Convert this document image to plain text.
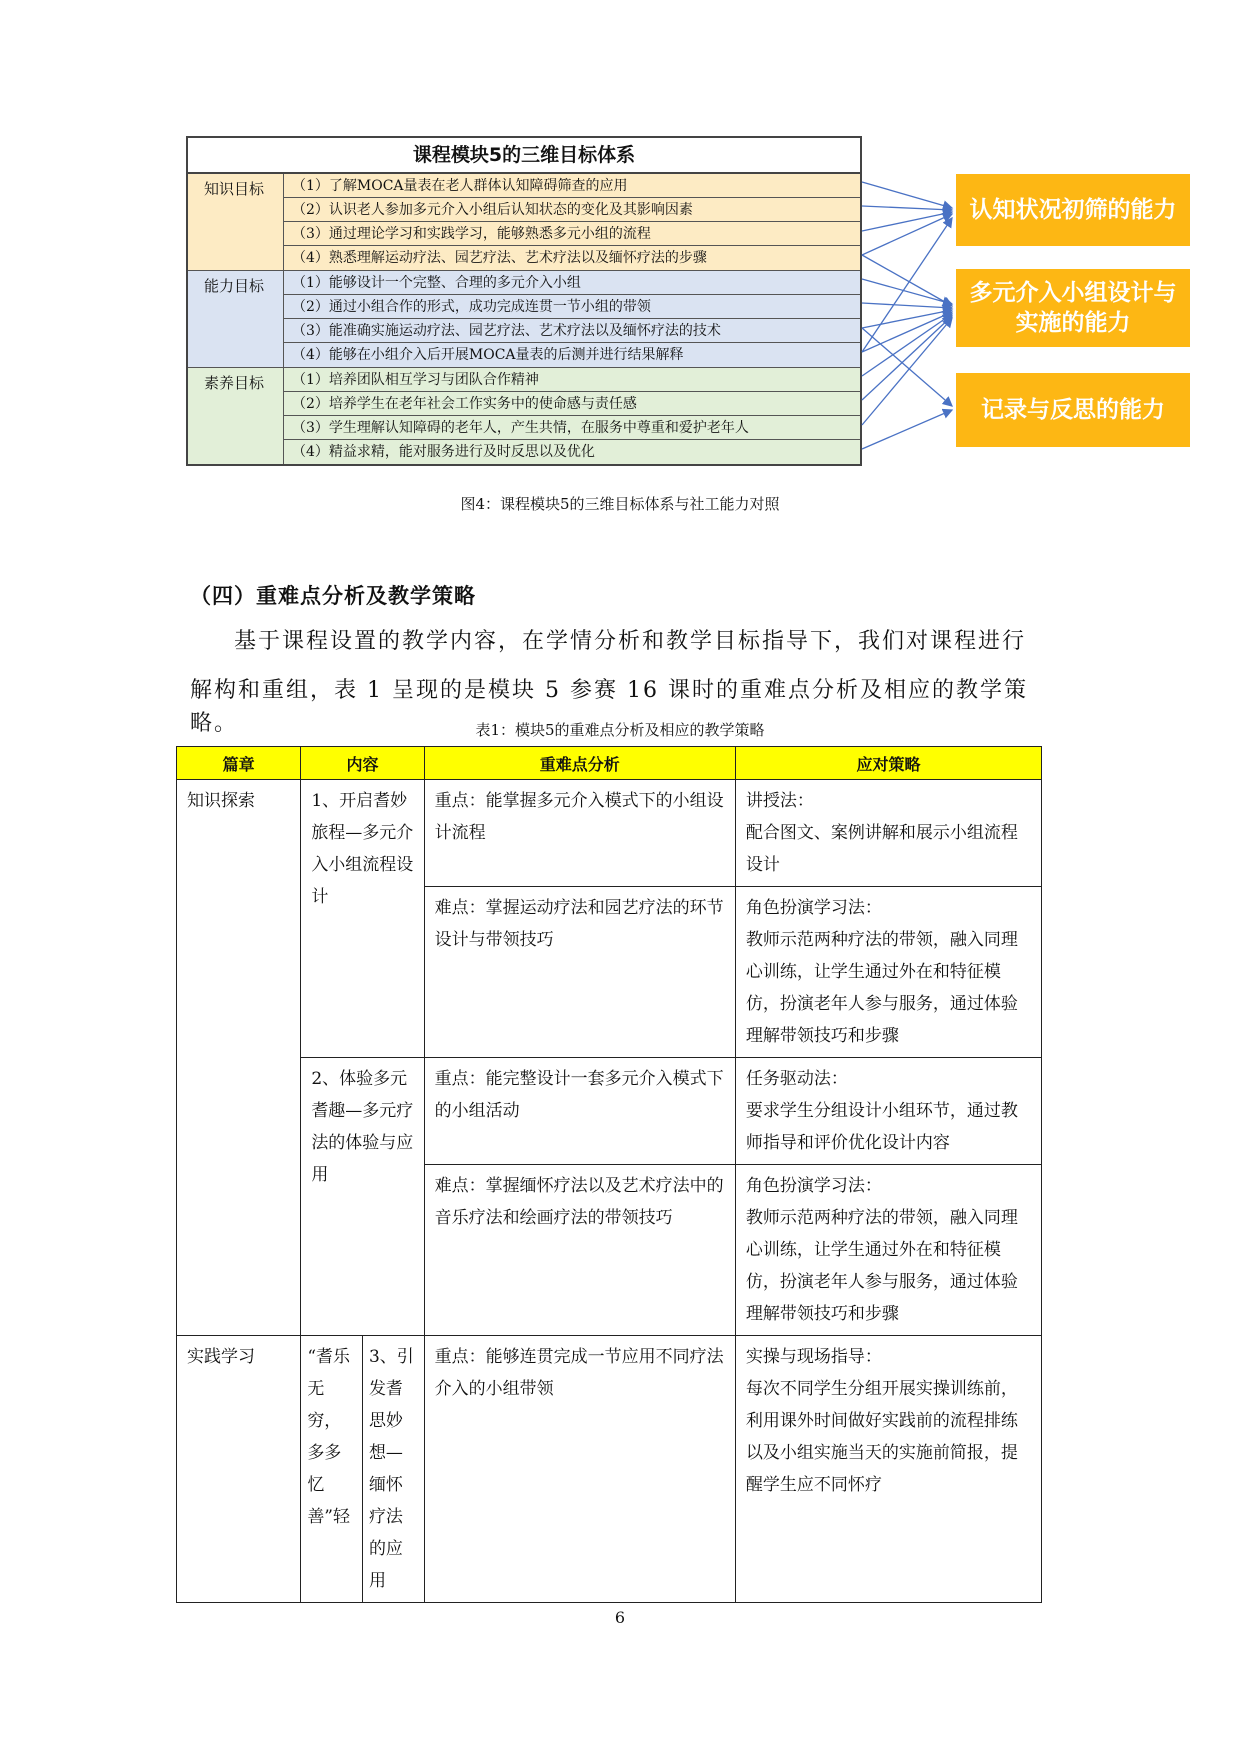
课程模块5的三维目标体系
知识目标	（1）了解MOCA量表在老人群体认知障碍筛查的应用
（2）认识老人参加多元介入小组后认知状态的变化及其影响因素
（3）通过理论学习和实践学习，能够熟悉多元小组的流程
（4）熟悉理解运动疗法、园艺疗法、艺术疗法以及缅怀疗法的步骤
能力目标	（1）能够设计一个完整、合理的多元介入小组
（2）通过小组合作的形式，成功完成连贯一节小组的带领
（3）能准确实施运动疗法、园艺疗法、艺术疗法以及缅怀疗法的技术
（4）能够在小组介入后开展MOCA量表的后测并进行结果解释
素养目标	（1）培养团队相互学习与团队合作精神
（2）培养学生在老年社会工作实务中的使命感与责任感
（3）学生理解认知障碍的老年人，产生共情，在服务中尊重和爱护老年人
（4）精益求精，能对服务进行及时反思以及优化
认知状况初筛的能力
多元介入小组设计与
实施的能力
记录与反思的能力
图4：课程模块5的三维目标体系与社工能力对照
（四）重难点分析及教学策略
基于课程设置的教学内容，在学情分析和教学目标指导下，我们对课程进行
解构和重组，表 1 呈现的是模块 5 参赛 16 课时的重难点分析及相应的教学策略。	表1：模块5的重难点分析及相应的教学策略
篇章	内容		重难点分析	应对策略
知识探索	1、开启耆妙旅程—多元介入小组流程设计		重点：能掌握多元介入模式下的小组设计流程	讲授法：
配合图文、案例讲解和展示小组流程设计
			难点：掌握运动疗法和园艺疗法的环节设计与带领技巧	角色扮演学习法：
教师示范两种疗法的带领，融入同理心训练，让学生通过外在和特征模仿，扮演老年人参与服务，通过体验理解带领技巧和步骤
	2、体验多元耆趣—多元疗法的体验与应用		重点：能完整设计一套多元介入模式下的小组活动	任务驱动法：
要求学生分组设计小组环节，通过教师指导和评价优化设计内容
			难点：掌握缅怀疗法以及艺术疗法中的音乐疗法和绘画疗法的带领技巧	角色扮演学习法：
教师示范两种疗法的带领，融入同理心训练，让学生通过外在和特征模仿，扮演老年人参与服务，通过体验理解带领技巧和步骤
实践学习	“耆乐无穷，多多忆善”轻	3、引发耆思妙想—缅怀疗法的应用	重点：能够连贯完成一节应用不同疗法介入的小组带领	实操与现场指导：
每次不同学生分组开展实操训练前，利用课外时间做好实践前的流程排练以及小组实施当天的实施前简报，提醒学生应不同怀疗
6
